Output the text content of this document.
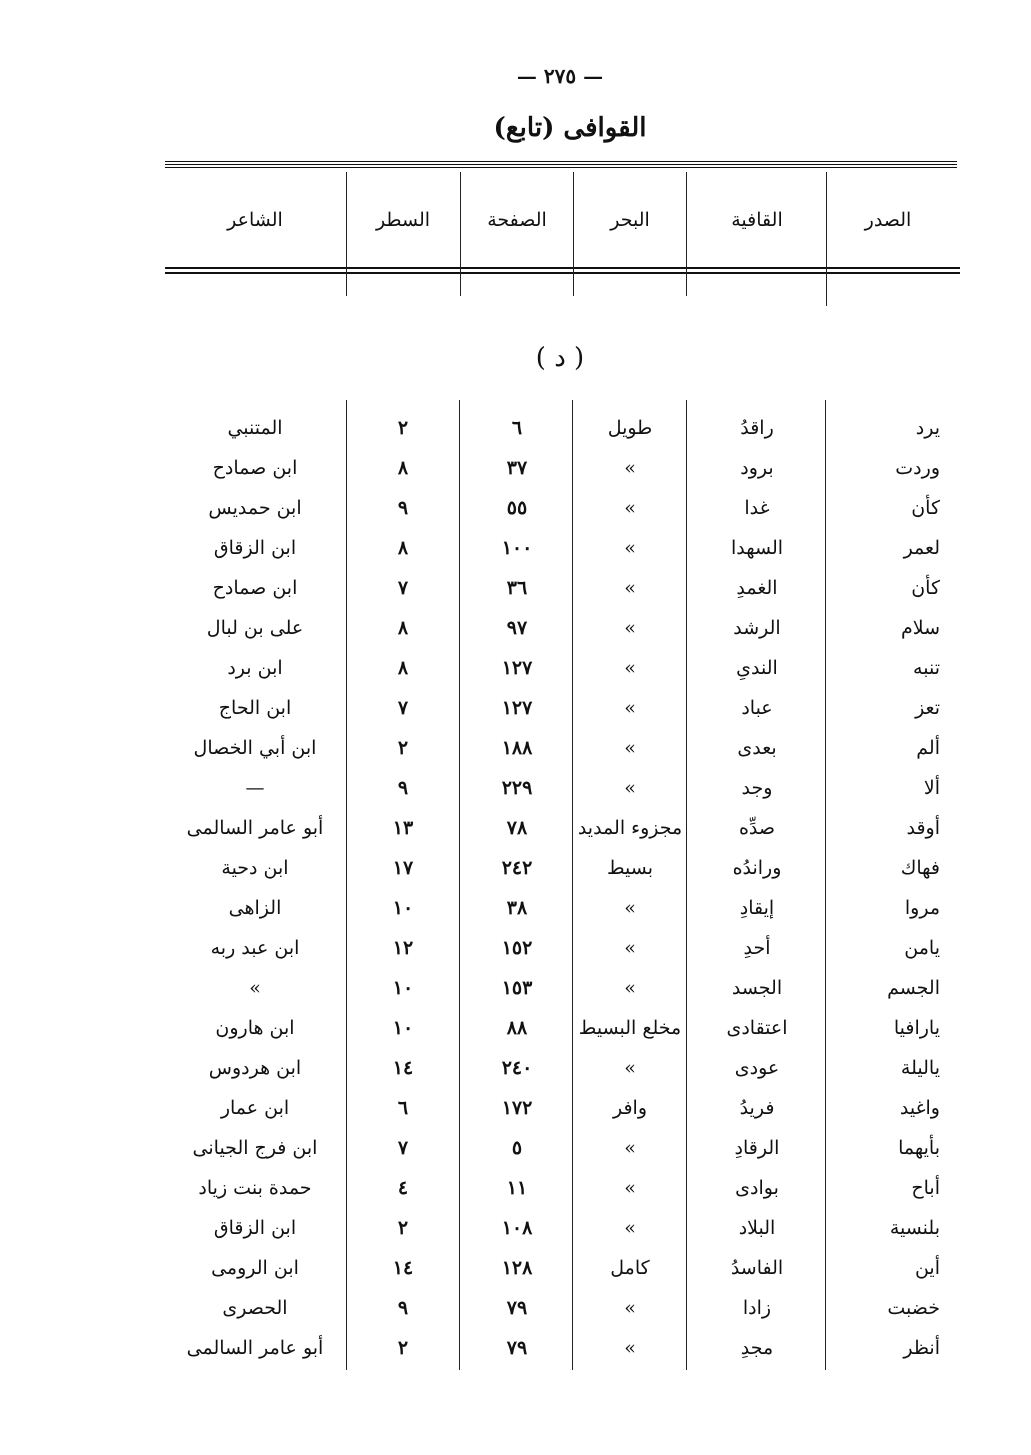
— ٢٧٥ —
(تابع) القوافى
الصدر
القافية
البحر
الصفحة
السطر
الشاعر
( د )
يرد
راقدُ
طويل
٦
٢
المتنبي
وردت
برود
»
٣٧
٨
ابن صمادح
كأن
غدا
»
٥٥
٩
ابن حمديس
لعمر
السهدا
»
١٠٠
٨
ابن الزقاق
كأن
الغمدِ
»
٣٦
٧
ابن صمادح
سلام
الرشد
»
٩٧
٨
على بن لبال
تنبه
الندىِ
»
١٢٧
٨
ابن برد
تعز
عباد
»
١٢٧
٧
ابن الحاج
ألم
بعدى
»
١٨٨
٢
ابن أبي الخصال
ألا
وجد
»
٢٢٩
٩
—
أوقد
صدِّه
مجزوء المديد
٧٨
١٣
أبو عامر السالمى
فهاك
وراندُه
بسيط
٢٤٢
١٧
ابن دحية
مروا
إيقادِ
»
٣٨
١٠
الزاهى
يامن
أحدِ
»
١٥٢
١٢
ابن عبد ربه
الجسم
الجسد
»
١٥٣
١٠
»
يارافيا
اعتقادى
مخلع البسيط
٨٨
١٠
ابن هارون
ياليلة
عودى
»
٢٤٠
١٤
ابن هردوس
واغيد
فريدُ
وافر
١٧٢
٦
ابن عمار
بأيهما
الرقادِ
»
٥
٧
ابن فرج الجيانى
أباح
بوادى
»
١١
٤
حمدة بنت زياد
بلنسية
البلاد
»
١٠٨
٢
ابن الزقاق
أين
الفاسدُ
كامل
١٢٨
١٤
ابن الرومى
خضبت
زادا
»
٧٩
٩
الحصرى
أنظر
مجدِ
»
٧٩
٢
أبو عامر السالمى
